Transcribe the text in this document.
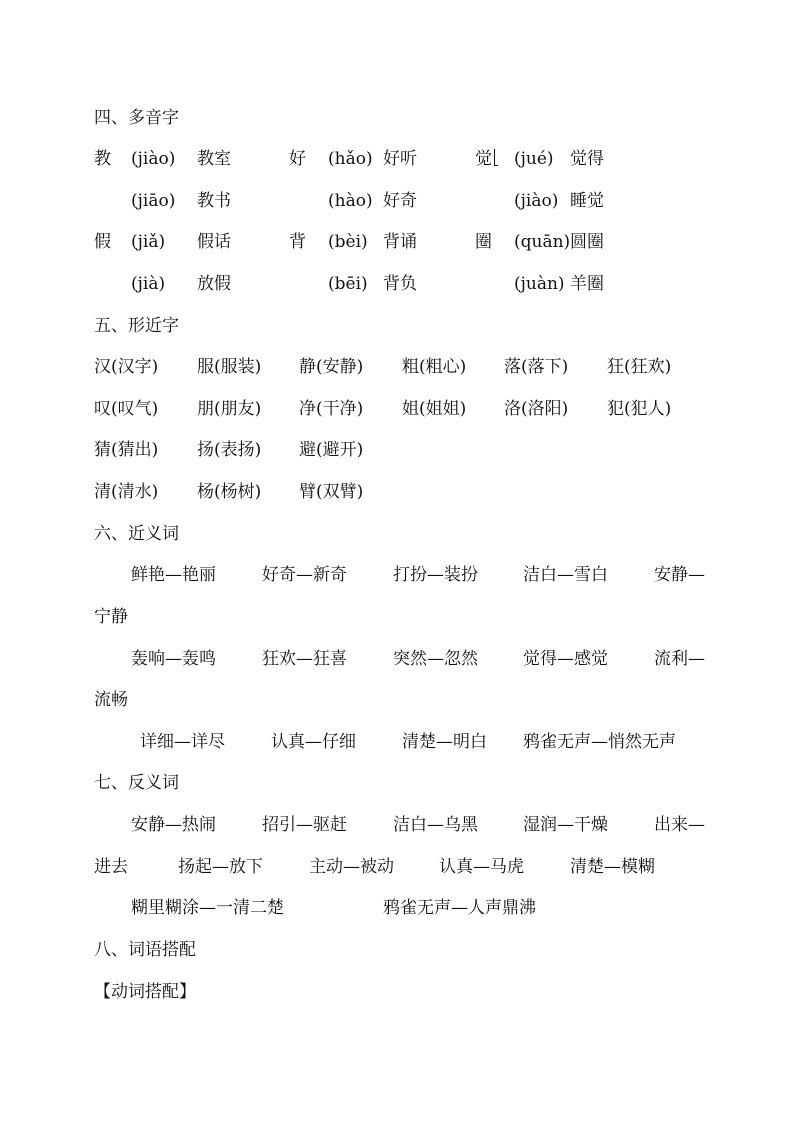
四、多音字
教 (jiào) 教室	好 (hǎo) 好听	觉	(jué) 觉得
(jiāo) 教书	(hào) 好奇	(jiào) 睡觉
假 (jiǎ) 假话	背 (bèi) 背诵	圈 (quān) 圆圈
(jià) 放假	(bēi) 背负	(juàn) 羊圈
五、形近字
汉(汉字) 服(服装) 静(安静) 粗(粗心) 落(落下) 狂(狂欢)
叹(叹气) 朋(朋友) 净(干净) 姐(姐姐) 洛(洛阳) 犯(犯人)
猜(猜出) 扬(表扬) 避(避开)
清(清水) 杨(杨树) 臂(双臂)
六、近义词
鲜艳—艳丽	好奇—新奇	打扮—装扮	洁白—雪白	安静—
宁静
轰响—轰鸣	狂欢—狂喜	突然—忽然	觉得—感觉	流利—
流畅
详细—详尽	认真—仔细	清楚—明白 鸦雀无声—悄然无声
七、反义词
安静—热闹	招引—驱赶	洁白—乌黑	湿润—干燥	出来—
进去	扬起—放下	主动—被动	认真—马虎	清楚—模糊
糊里糊涂—一清二楚	鸦雀无声—人声鼎沸
八、词语搭配
【动词搭配】
